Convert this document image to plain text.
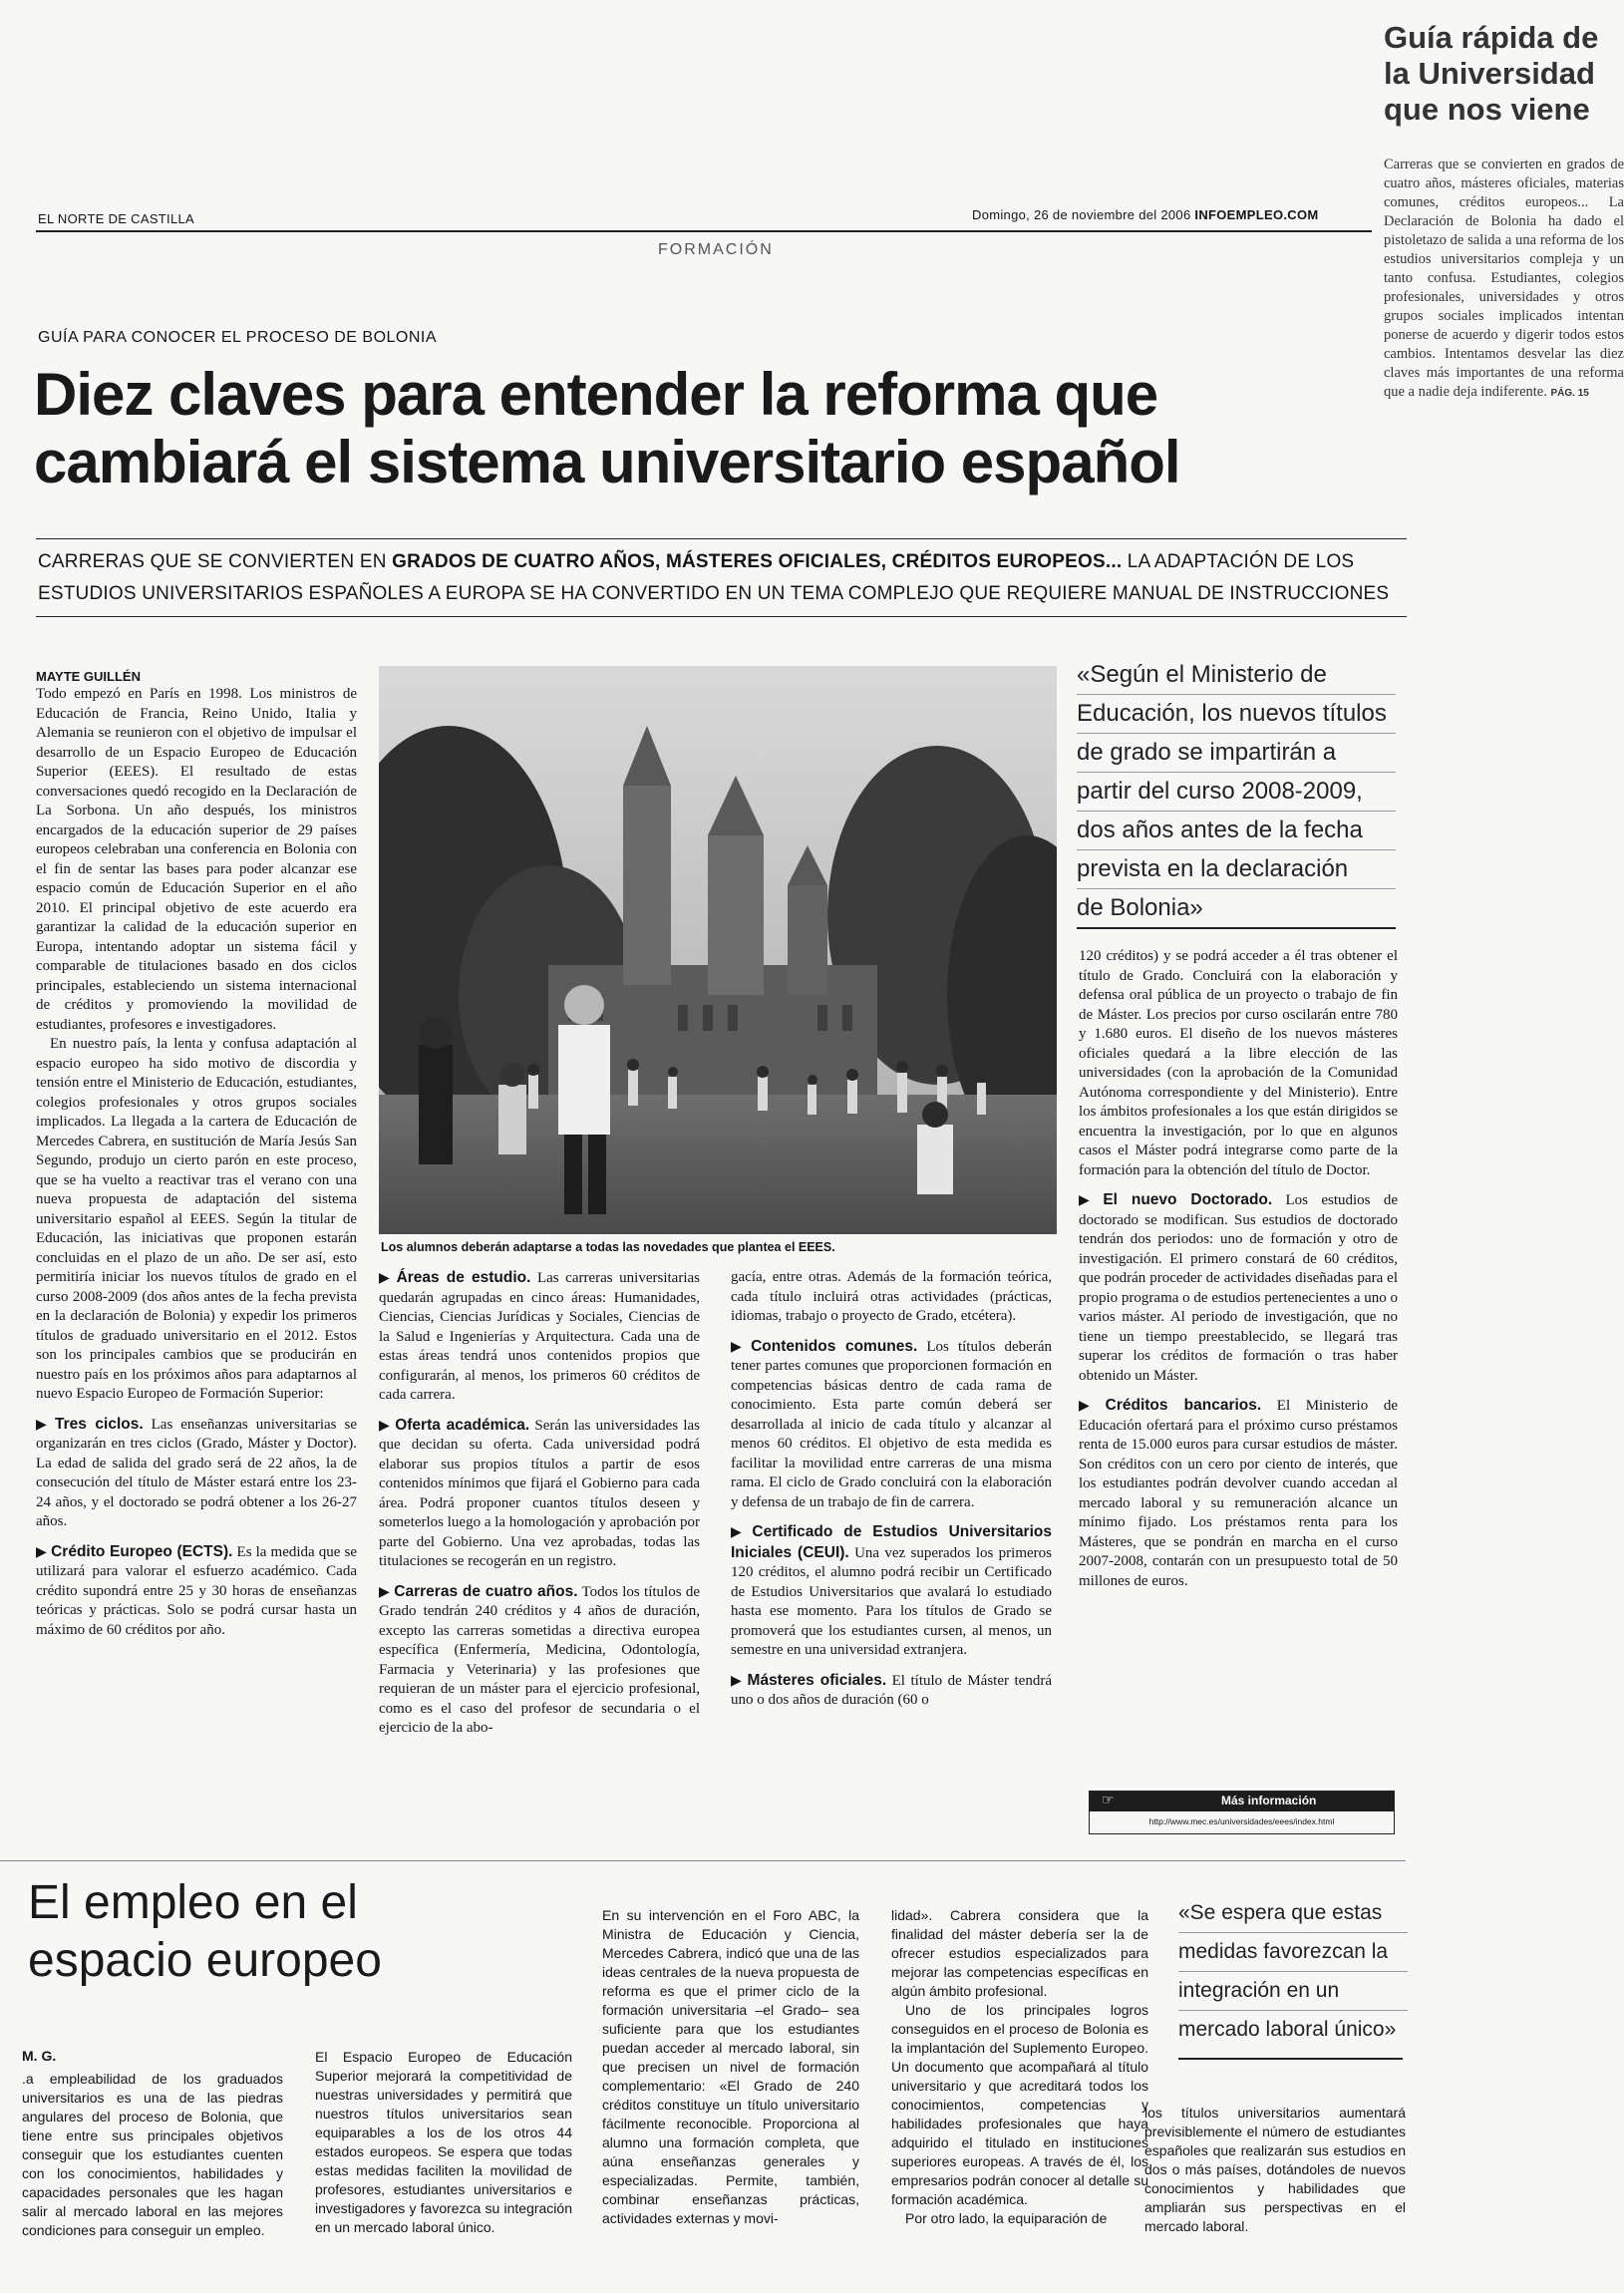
Guía rápida de
la Universidad
que nos viene
Carreras que se convierten en grados de cuatro años, másteres oficiales, materias comunes, créditos europeos... La Declaración de Bolonia ha dado el pistoletazo de salida a una reforma de los estudios universitarios compleja y un tanto confusa. Estudiantes, colegios profesionales, universidades y otros grupos sociales implicados intentan ponerse de acuerdo y digerir todos estos cambios. Intentamos desvelar las diez claves más importantes de una reforma que a nadie deja indiferente. PÁG. 15
EL NORTE DE CASTILLA	Domingo, 26 de noviembre del 2006 INFOEMPLEO.COM
FORMACIÓN
GUÍA PARA CONOCER EL PROCESO DE BOLONIA
Diez claves para entender la reforma que
cambiará el sistema universitario español
CARRERAS QUE SE CONVIERTEN EN GRADOS DE CUATRO AÑOS, MÁSTERES OFICIALES, CRÉDITOS EUROPEOS... LA ADAPTACIÓN DE LOS
ESTUDIOS UNIVERSITARIOS ESPAÑOLES A EUROPA SE HA CONVERTIDO EN UN TEMA COMPLEJO QUE REQUIERE MANUAL DE INSTRUCCIONES
MAYTE GUILLÉN

Todo empezó en París en 1998. Los ministros de Educación de Francia, Reino Unido, Italia y Alemania se reunieron con el objetivo de impulsar el desarrollo de un Espacio Europeo de Educación Superior (EEES). El resultado de estas conversaciones quedó recogido en la Declaración de La Sorbona. Un año después, los ministros encargados de la educación superior de 29 países europeos celebraban una conferencia en Bolonia con el fin de sentar las bases para poder alcanzar ese espacio común de Educación Superior en el año 2010. El principal objetivo de este acuerdo era garantizar la calidad de la educación superior en Europa, intentando adoptar un sistema fácil y comparable de titulaciones basado en dos ciclos principales, estableciendo un sistema internacional de créditos y promoviendo la movilidad de estudiantes, profesores e investigadores.

En nuestro país, la lenta y confusa adaptación al espacio europeo ha sido motivo de discordia y tensión entre el Ministerio de Educación, estudiantes, colegios profesionales y otros grupos sociales implicados. La llegada a la cartera de Educación de Mercedes Cabrera, en sustitución de María Jesús San Segundo, produjo un cierto parón en este proceso, que se ha vuelto a reactivar tras el verano con una nueva propuesta de adaptación del sistema universitario español al EEES. Según la titular de Educación, las iniciativas que proponen estarán concluidas en el plazo de un año. De ser así, esto permitiría iniciar los nuevos títulos de grado en el curso 2008-2009 (dos años antes de la fecha prevista en la declaración de Bolonia) y expedir los primeros títulos de graduado universitario en el 2012. Estos son los principales cambios que se producirán en nuestro país en los próximos años para adaptarnos al nuevo Espacio Europeo de Formación Superior:

▶ Tres ciclos. Las enseñanzas universitarias se organizarán en tres ciclos (Grado, Máster y Doctor). La edad de salida del grado será de 22 años, la de consecución del título de Máster estará entre los 23-24 años, y el doctorado se podrá obtener a los 26-27 años.
▶ Crédito Europeo (ECTS). Es la medida que se utilizará para valorar el esfuerzo académico. Cada crédito supondrá entre 25 y 30 horas de enseñanzas teóricas y prácticas. Solo se podrá cursar hasta un máximo de 60 créditos por año.
Los alumnos deberán adaptarse a todas las novedades que plantea el EEES.
▶ Áreas de estudio. Las carreras universitarias quedarán agrupadas en cinco áreas: Humanidades, Ciencias, Ciencias Jurídicas y Sociales, Ciencias de la Salud e Ingenierías y Arquitectura. Cada una de estas áreas tendrá unos contenidos propios que configurarán, al menos, los primeros 60 créditos de cada carrera.
▶ Oferta académica. Serán las universidades las que decidan su oferta. Cada universidad podrá elaborar sus propios títulos a partir de esos contenidos mínimos que fijará el Gobierno para cada área. Podrá proponer cuantos títulos deseen y someterlos luego a la homologación y aprobación por parte del Gobierno. Una vez aprobadas, todas las titulaciones se recogerán en un registro.
▶ Carreras de cuatro años. Todos los títulos de Grado tendrán 240 créditos y 4 años de duración, excepto las carreras sometidas a directiva europea específica (Enfermería, Medicina, Odontología, Farmacia y Veterinaria) y las profesiones que requieran de un máster para el ejercicio profesional, como es el caso del profesor de secundaria o el ejercicio de la abo-
gacía, entre otras. Además de la formación teórica, cada título incluirá otras actividades (prácticas, idiomas, trabajo o proyecto de Grado, etcétera).
▶ Contenidos comunes. Los títulos deberán tener partes comunes que proporcionen formación en competencias básicas dentro de cada rama de conocimiento. Esta parte común deberá ser desarrollada al inicio de cada título y alcanzar al menos 60 créditos. El objetivo de esta medida es facilitar la movilidad entre carreras de una misma rama. El ciclo de Grado concluirá con la elaboración y defensa de un trabajo de fin de carrera.
▶ Certificado de Estudios Universitarios Iniciales (CEUI). Una vez superados los primeros 120 créditos, el alumno podrá recibir un Certificado de Estudios Universitarios que avalará lo estudiado hasta ese momento. Para los títulos de Grado se promoverá que los estudiantes cursen, al menos, un semestre en una universidad extranjera.
▶ Másteres oficiales. El título de Máster tendrá uno o dos años de duración (60 o
«Según el Ministerio de
Educación, los nuevos títulos
de grado se impartirán a
partir del curso 2008-2009,
dos años antes de la fecha
prevista en la declaración
de Bolonia»
120 créditos) y se podrá acceder a él tras obtener el título de Grado. Concluirá con la elaboración y defensa oral pública de un proyecto o trabajo de fin de Máster. Los precios por curso oscilarán entre 780 y 1.680 euros. El diseño de los nuevos másteres oficiales quedará a la libre elección de las universidades (con la aprobación de la Comunidad Autónoma correspondiente y del Ministerio). Entre los ámbitos profesionales a los que están dirigidos se encuentra la investigación, por lo que en algunos casos el Máster podrá integrarse como parte de la formación para la obtención del título de Doctor.
▶ El nuevo Doctorado. Los estudios de doctorado se modifican. Sus estudios de doctorado tendrán dos periodos: uno de formación y otro de investigación. El primero constará de 60 créditos, que podrán proceder de actividades diseñadas para el propio programa o de estudios pertenecientes a uno o varios máster. Al periodo de investigación, que no tiene un tiempo preestablecido, se llegará tras superar los créditos de formación o tras haber obtenido un Máster.
▶ Créditos bancarios. El Ministerio de Educación ofertará para el próximo curso préstamos renta de 15.000 euros para cursar estudios de máster. Son créditos con un cero por ciento de interés, que los estudiantes podrán devolver cuando accedan al mercado laboral y su remuneración alcance un mínimo fijado. Los préstamos renta para los Másteres, que se pondrán en marcha en el curso 2007-2008, contarán con un presupuesto total de 50 millones de euros.
☞	Más información
http://www.mec.es/universidades/eees/index.html
El empleo en el
espacio europeo
M. G.

.a empleabilidad de los graduados universitarios es una de las piedras angulares del proceso de Bolonia, que tiene entre sus principales objetivos conseguir que los estudiantes cuenten con los conocimientos, habilidades y capacidades personales que les hagan salir al mercado laboral en las mejores condiciones para conseguir un empleo.

El Espacio Europeo de Educación Superior mejorará la competitividad de nuestras universidades y permitirá que nuestros títulos universitarios sean equiparables a los de los otros 44 estados europeos. Se espera que todas estas medidas faciliten la movilidad de profesores, estudiantes universitarios e investigadores y favorezca su integración en un mercado laboral único.

En su intervención en el Foro ABC, la Ministra de Educación y Ciencia, Mercedes Cabrera, indicó que una de las ideas centrales de la nueva propuesta de reforma es que el primer ciclo de la formación universitaria –el Grado– sea suficiente para que los estudiantes puedan acceder al mercado laboral, sin que precisen un nivel de formación complementario: «El Grado de 240 créditos constituye un título universitario fácilmente reconocible. Proporciona al alumno una formación completa, que aúna enseñanzas generales y especializadas. Permite, también, combinar enseñanzas prácticas, actividades externas y movi-

lidad». Cabrera considera que la finalidad del máster debería ser la de ofrecer estudios especializados para mejorar las competencias específicas en algún ámbito profesional.

Uno de los principales logros conseguidos en el proceso de Bolonia es la implantación del Suplemento Europeo. Un documento que acompañará al título universitario y que acreditará todos los conocimientos, competencias y habilidades profesionales que haya adquirido el titulado en instituciones superiores europeas. A través de él, los empresarios podrán conocer al detalle su formación académica.

Por otro lado, la equiparación de

«Se espera que estas
medidas favorezcan la
integración en un
mercado laboral único»

los títulos universitarios aumentará previsiblemente el número de estudiantes españoles que realizarán sus estudios en dos o más países, dotándoles de nuevos conocimientos y habilidades que ampliarán sus perspectivas en el mercado laboral.
